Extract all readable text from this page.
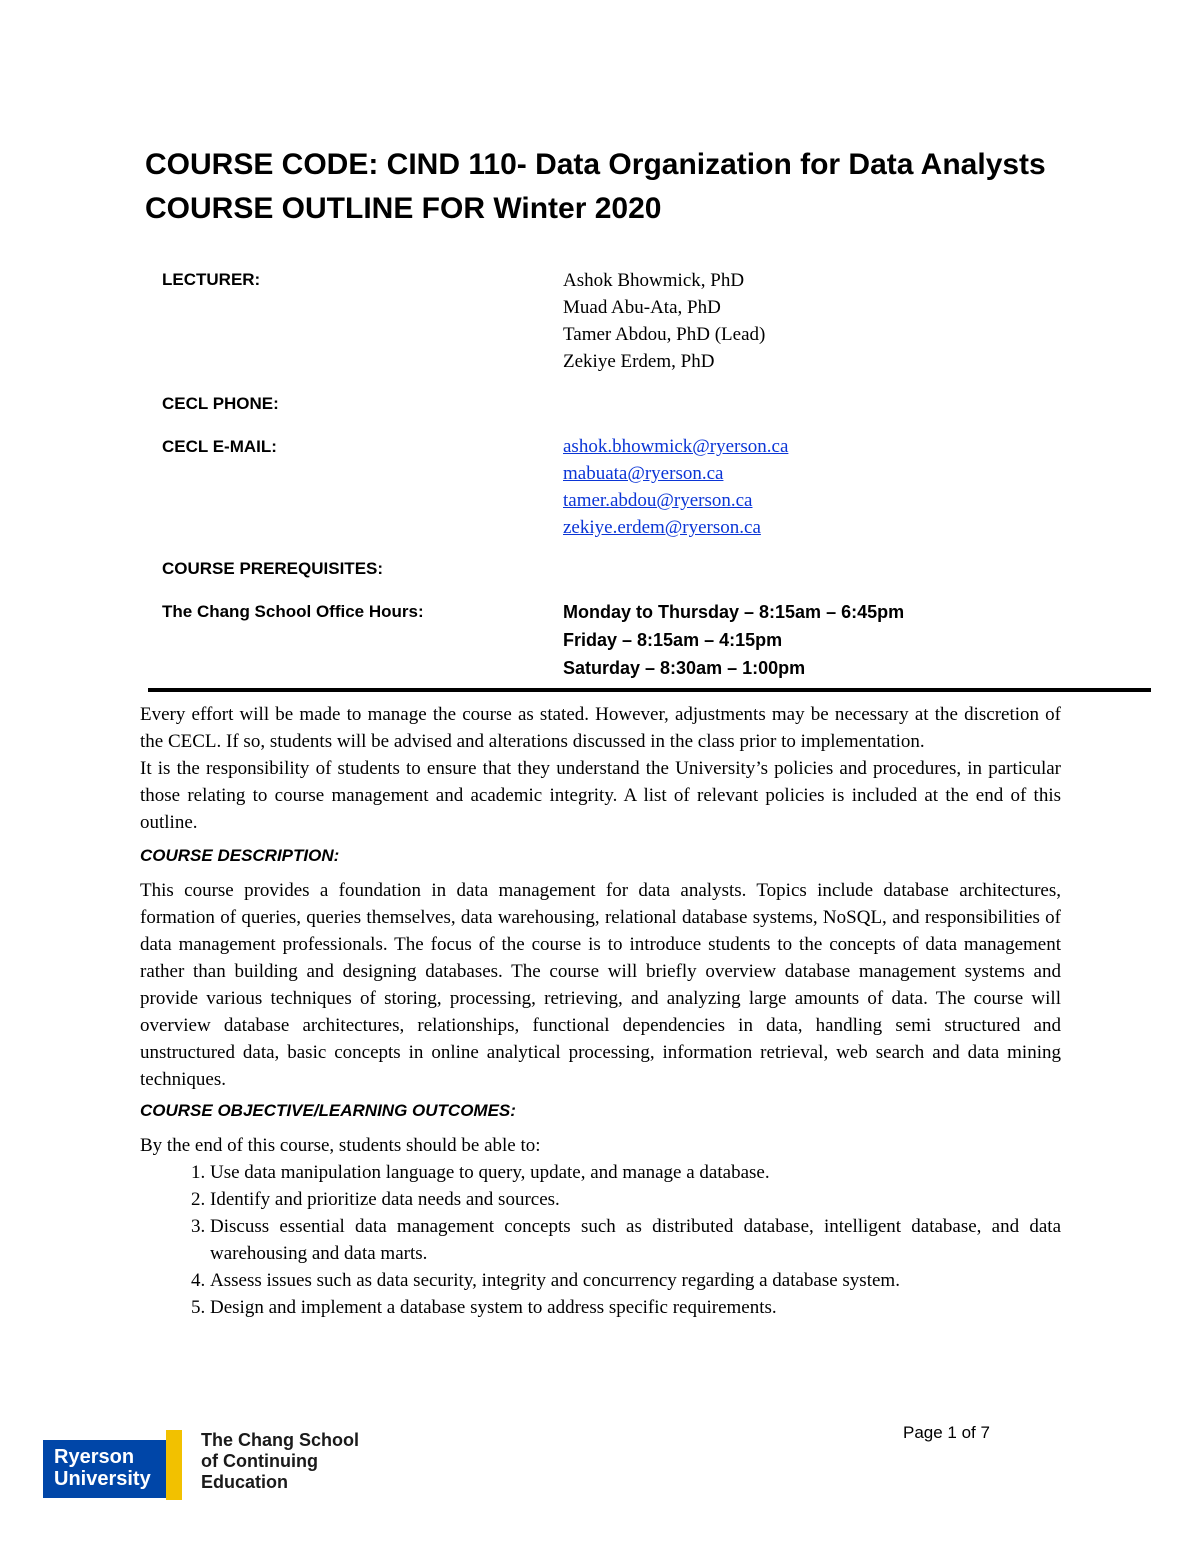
COURSE CODE: CIND 110- Data Organization for Data Analysts

COURSE OUTLINE FOR Winter 2020

LECTURER:	Ashok Bhowmick, PhD
Muad Abu-Ata, PhD
Tamer Abdou, PhD (Lead)
Zekiye Erdem, PhD
CECL PHONE:
CECL E-MAIL:	ashok.bhowmick@ryerson.ca
mabuata@ryerson.ca
tamer.abdou@ryerson.ca
zekiye.erdem@ryerson.ca
COURSE PREREQUISITES:
The Chang School Office Hours:	Monday to Thursday – 8:15am – 6:45pm
Friday – 8:15am – 4:15pm
Saturday – 8:30am – 1:00pm

Every effort will be made to manage the course as stated. However, adjustments may be necessary at the discretion of the CECL. If so, students will be advised and alterations discussed in the class prior to implementation.

It is the responsibility of students to ensure that they understand the University’s policies and procedures, in particular those relating to course management and academic integrity. A list of relevant policies is included at the end of this outline.

COURSE DESCRIPTION:

This course provides a foundation in data management for data analysts. Topics include database architectures, formation of queries, queries themselves, data warehousing, relational database systems, NoSQL, and responsibilities of data management professionals. The focus of the course is to introduce students to the concepts of data management rather than building and designing databases. The course will briefly overview database management systems and provide various techniques of storing, processing, retrieving, and analyzing large amounts of data. The course will overview database architectures, relationships, functional dependencies in data, handling semi structured and unstructured data, basic concepts in online analytical processing, information retrieval, web search and data mining techniques.

COURSE OBJECTIVE/LEARNING OUTCOMES:

By the end of this course, students should be able to:

1. Use data manipulation language to query, update, and manage a database.
2. Identify and prioritize data needs and sources.
3. Discuss essential data management concepts such as distributed database, intelligent database, and data warehousing and data marts.
4. Assess issues such as data security, integrity and concurrency regarding a database system.
5. Design and implement a database system to address specific requirements.
Page 1 of 7
Ryerson
University
The Chang School
of Continuing
Education
